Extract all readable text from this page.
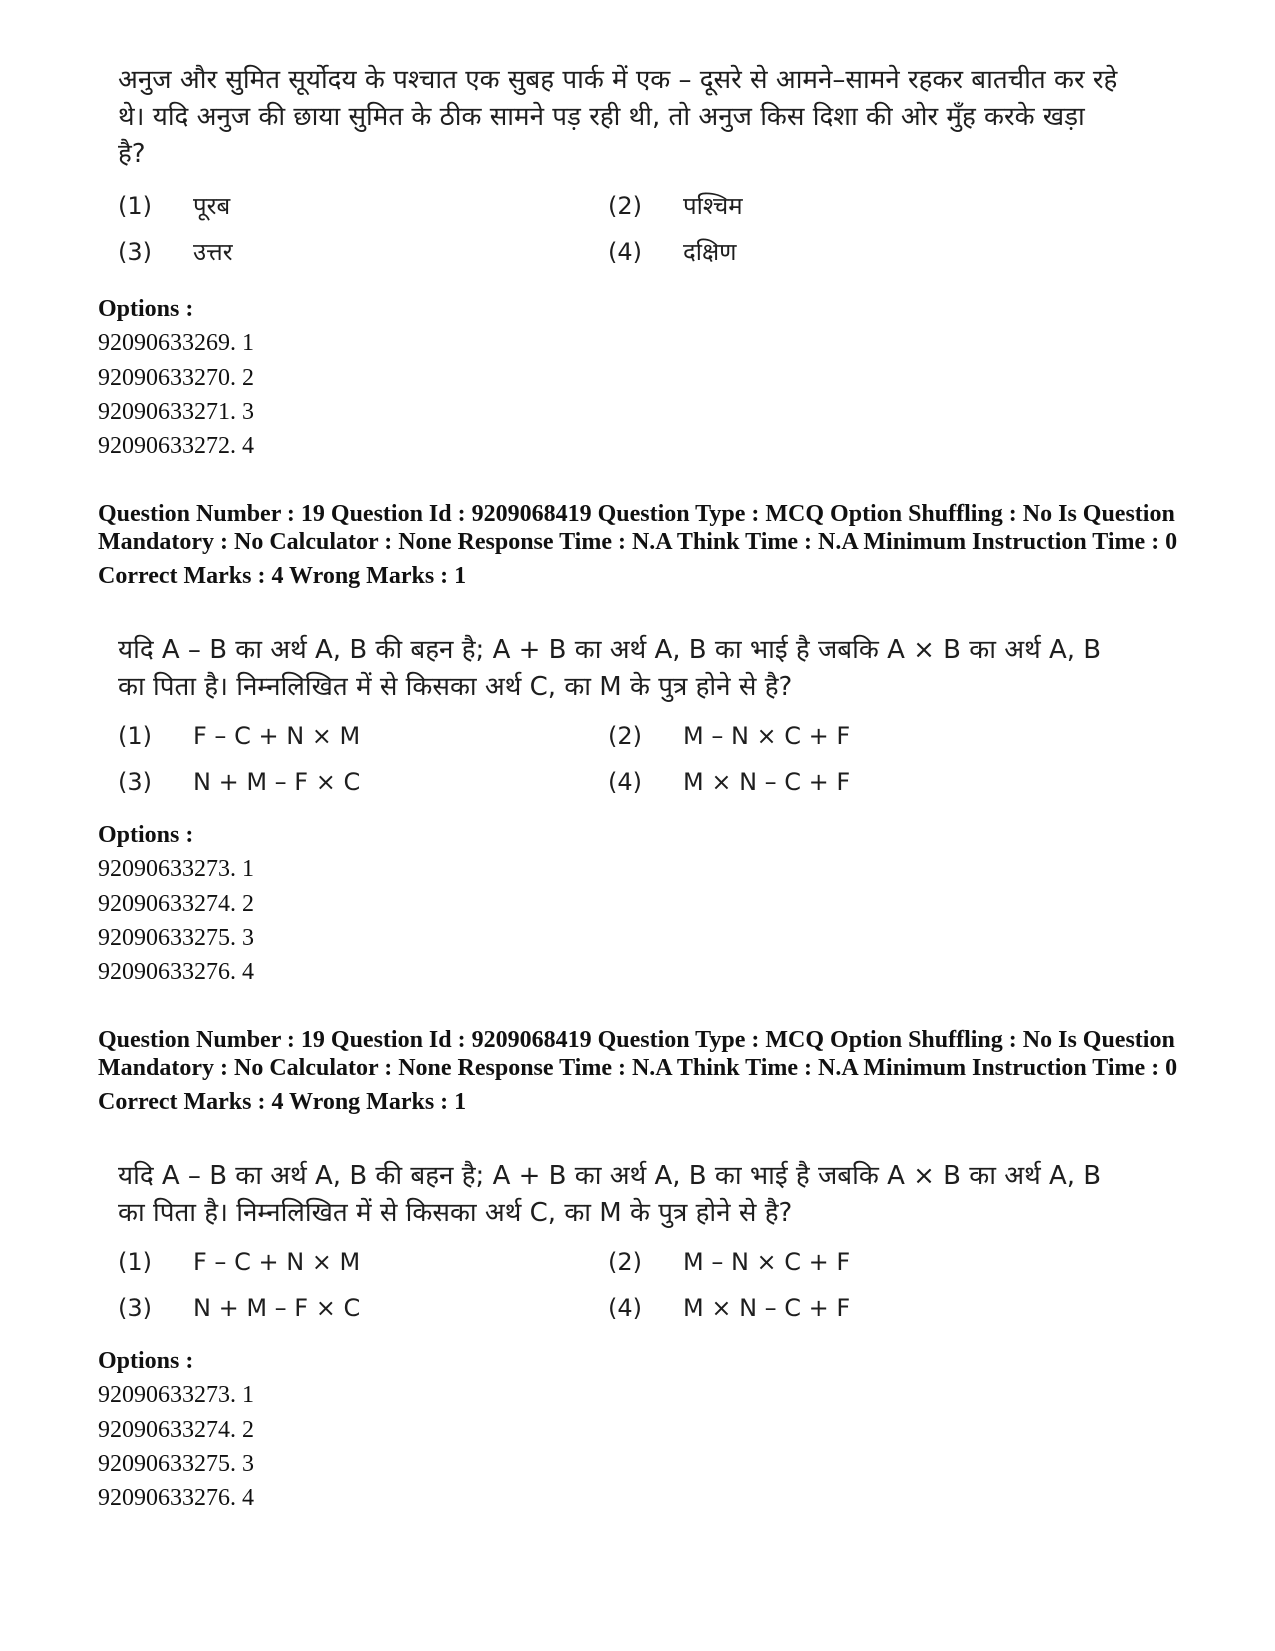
अनुज और सुमित सूर्योदय के पश्चात एक सुबह पार्क में एक – दूसरे से आमने–सामने रहकर बातचीत कर रहे थे। यदि अनुज की छाया सुमित के ठीक सामने पड़ रही थी, तो अनुज किस दिशा की ओर मुँह करके खड़ा है?

(1) पूरब	(2) पश्चिम
(3) उत्तर	(4) दक्षिण
Options :
92090633269. 1
92090633270. 2
92090633271. 3
92090633272. 4
Question Number : 19 Question Id : 9209068419 Question Type : MCQ Option Shuffling : No Is Question Mandatory : No Calculator : None Response Time : N.A Think Time : N.A Minimum Instruction Time : 0
Correct Marks : 4 Wrong Marks : 1

यदि A – B का अर्थ A, B की बहन है; A + B का अर्थ A, B का भाई है जबकि A × B का अर्थ A, B का पिता है। निम्नलिखित में से किसका अर्थ C, का M के पुत्र होने से है?

(1) F – C + N × M	(2) M – N × C + F
(3) N + M – F × C	(4) M × N – C + F
Options :
92090633273. 1
92090633274. 2
92090633275. 3
92090633276. 4
Question Number : 19 Question Id : 9209068419 Question Type : MCQ Option Shuffling : No Is Question Mandatory : No Calculator : None Response Time : N.A Think Time : N.A Minimum Instruction Time : 0
Correct Marks : 4 Wrong Marks : 1

यदि A – B का अर्थ A, B की बहन है; A + B का अर्थ A, B का भाई है जबकि A × B का अर्थ A, B का पिता है। निम्नलिखित में से किसका अर्थ C, का M के पुत्र होने से है?

(1) F – C + N × M	(2) M – N × C + F
(3) N + M – F × C	(4) M × N – C + F
Options :
92090633273. 1
92090633274. 2
92090633275. 3
92090633276. 4
